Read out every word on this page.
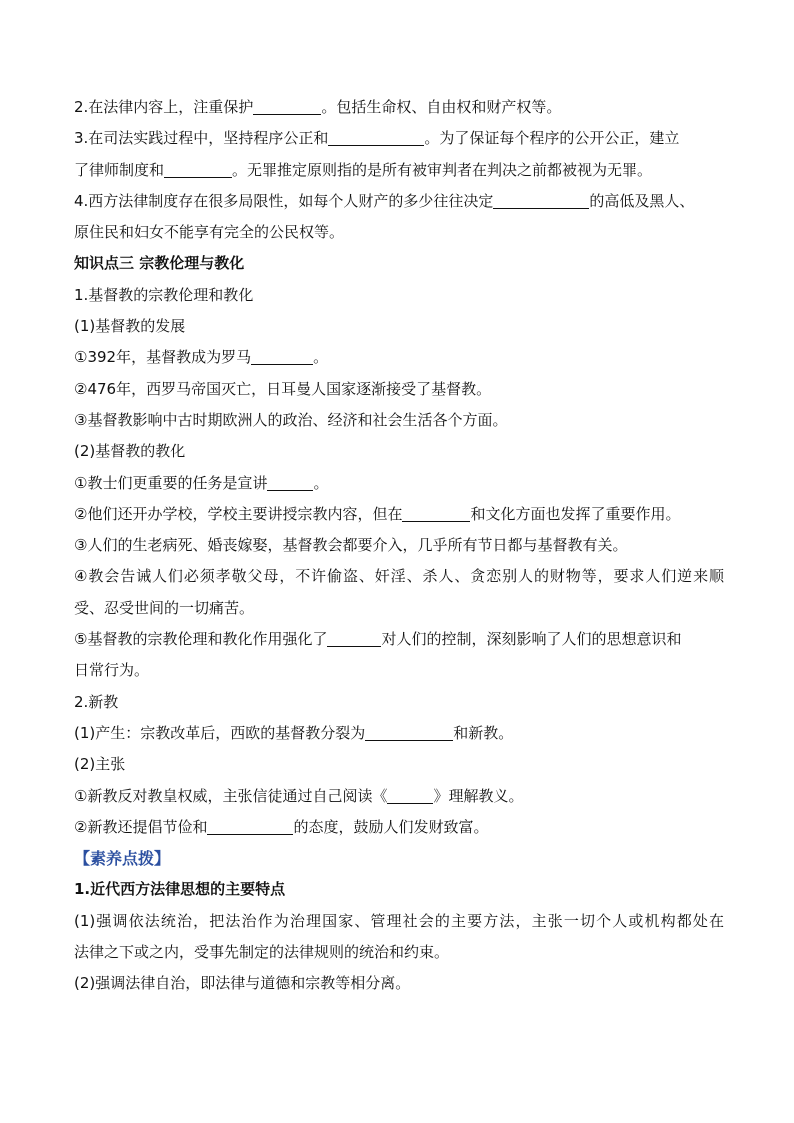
2.在法律内容上，注重保护	。包括生命权、自由权和财产权等。
3.在司法实践过程中，坚持程序公正和	。为了保证每个程序的公开公正，建立
了律师制度和	。无罪推定原则指的是所有被审判者在判决之前都被视为无罪。
4.西方法律制度存在很多局限性，如每个人财产的多少往往决定	的高低及黑人、
原住民和妇女不能享有完全的公民权等。
知识点三 宗教伦理与教化
1.基督教的宗教伦理和教化
(1)基督教的发展
①392年，基督教成为罗马	。
②476年，西罗马帝国灭亡，日耳曼人国家逐渐接受了基督教。
③基督教影响中古时期欧洲人的政治、经济和社会生活各个方面。
(2)基督教的教化
①教士们更重要的任务是宣讲	。
②他们还开办学校，学校主要讲授宗教内容，但在	和文化方面也发挥了重要作用。
③人们的生老病死、婚丧嫁娶，基督教会都要介入，几乎所有节日都与基督教有关。
④教会告诫人们必须孝敬父母，不许偷盗、奸淫、杀人、贪恋别人的财物等，要求人们逆来顺
受、忍受世间的一切痛苦。
⑤基督教的宗教伦理和教化作用强化了	对人们的控制，深刻影响了人们的思想意识和
日常行为。
2.新教
(1)产生：宗教改革后，西欧的基督教分裂为	和新教。
(2)主张
①新教反对教皇权威，主张信徒通过自己阅读《	》理解教义。
②新教还提倡节俭和	的态度，鼓励人们发财致富。
【素养点拨】
1.近代西方法律思想的主要特点
(1)强调依法统治，把法治作为治理国家、管理社会的主要方法，主张一切个人或机构都处在
法律之下或之内，受事先制定的法律规则的统治和约束。
(2)强调法律自治，即法律与道德和宗教等相分离。
